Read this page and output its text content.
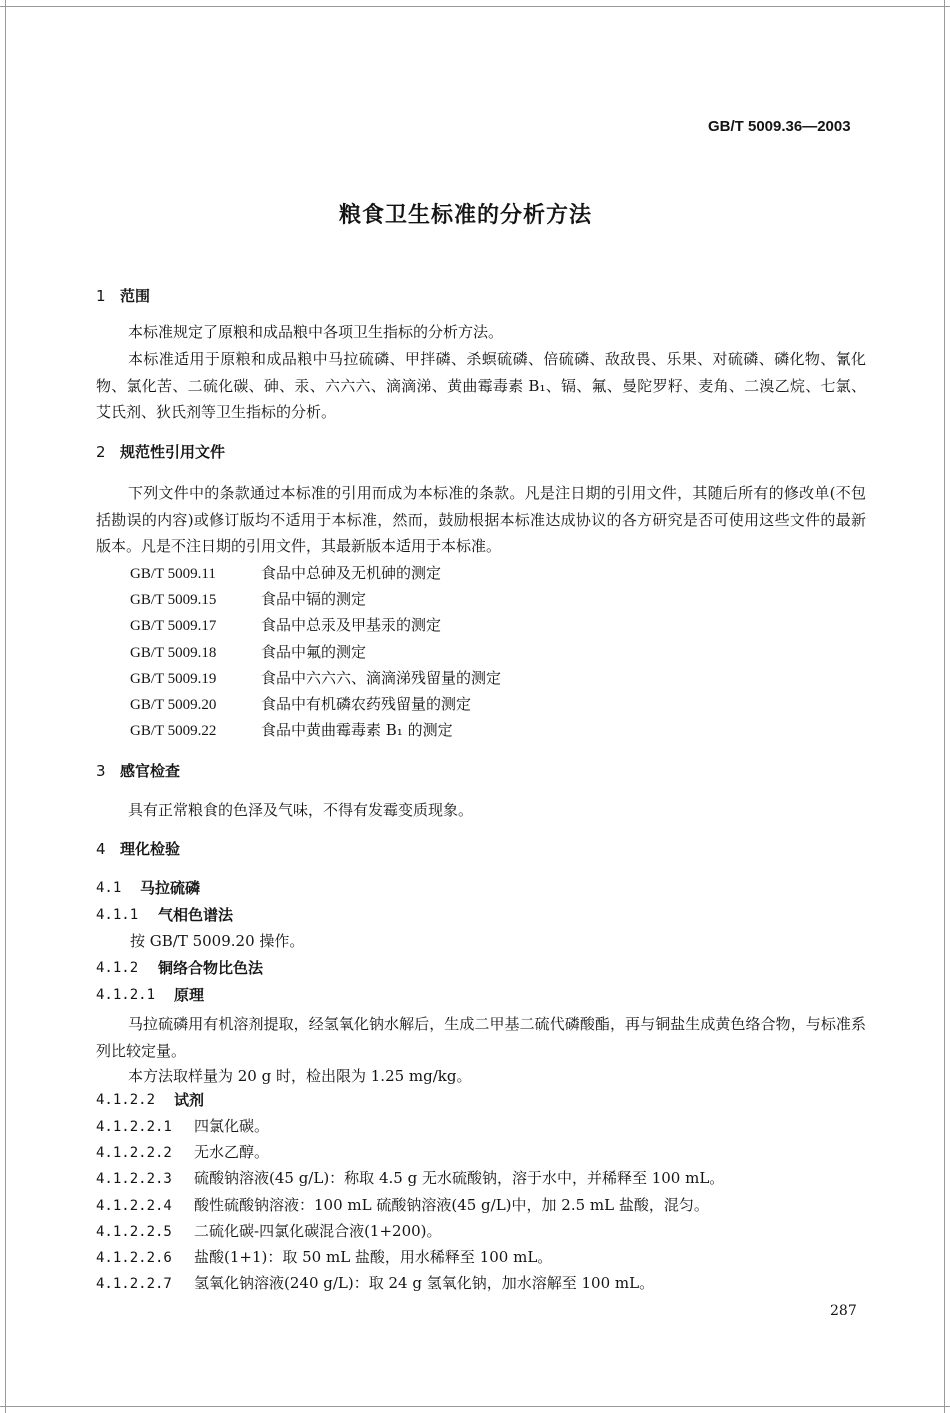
GB/T 5009.36—2003
粮食卫生标准的分析方法
1 范围
本标准规定了原粮和成品粮中各项卫生指标的分析方法。
本标准适用于原粮和成品粮中马拉硫磷、甲拌磷、杀螟硫磷、倍硫磷、敌敌畏、乐果、对硫磷、磷化物、氰化物、氯化苦、二硫化碳、砷、汞、六六六、滴滴涕、黄曲霉毒素 B₁、镉、氟、曼陀罗籽、麦角、二溴乙烷、七氯、艾氏剂、狄氏剂等卫生指标的分析。
2 规范性引用文件
下列文件中的条款通过本标准的引用而成为本标准的条款。凡是注日期的引用文件，其随后所有的修改单(不包括勘误的内容)或修订版均不适用于本标准，然而，鼓励根据本标准达成协议的各方研究是否可使用这些文件的最新版本。凡是不注日期的引用文件，其最新版本适用于本标准。
GB/T 5009.11	食品中总砷及无机砷的测定
GB/T 5009.15	食品中镉的测定
GB/T 5009.17	食品中总汞及甲基汞的测定
GB/T 5009.18	食品中氟的测定
GB/T 5009.19	食品中六六六、滴滴涕残留量的测定
GB/T 5009.20	食品中有机磷农药残留量的测定
GB/T 5009.22	食品中黄曲霉毒素 B₁ 的测定
3 感官检查
具有正常粮食的色泽及气味，不得有发霉变质现象。
4 理化检验
4.1 马拉硫磷
4.1.1 气相色谱法
按 GB/T 5009.20 操作。
4.1.2 铜络合物比色法
4.1.2.1 原理
马拉硫磷用有机溶剂提取，经氢氧化钠水解后，生成二甲基二硫代磷酸酯，再与铜盐生成黄色络合物，与标准系列比较定量。
本方法取样量为 20 g 时，检出限为 1.25 mg/kg。
4.1.2.2 试剂
4.1.2.2.1 四氯化碳。
4.1.2.2.2 无水乙醇。
4.1.2.2.3 硫酸钠溶液(45 g/L)：称取 4.5 g 无水硫酸钠，溶于水中，并稀释至 100 mL。
4.1.2.2.4 酸性硫酸钠溶液：100 mL 硫酸钠溶液(45 g/L)中，加 2.5 mL 盐酸，混匀。
4.1.2.2.5 二硫化碳-四氯化碳混合液(1+200)。
4.1.2.2.6 盐酸(1+1)：取 50 mL 盐酸，用水稀释至 100 mL。
4.1.2.2.7 氢氧化钠溶液(240 g/L)：取 24 g 氢氧化钠，加水溶解至 100 mL。
287
